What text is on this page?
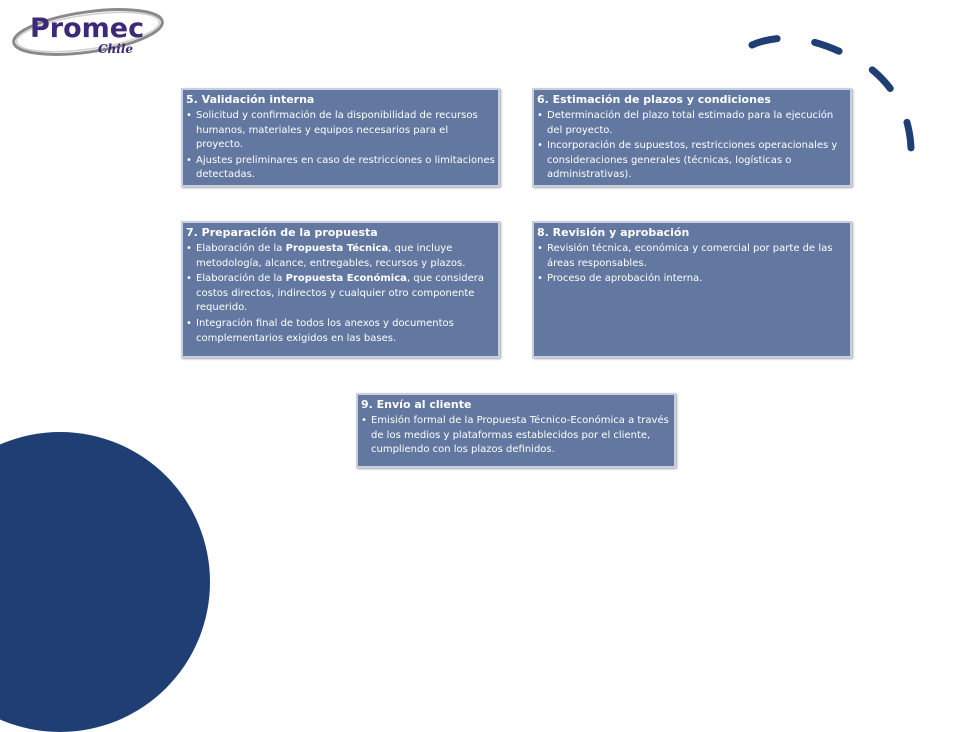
Promec
Chile
5. Validación interna
• Solicitud y confirmación de la disponibilidad de recursos humanos, materiales y equipos necesarios para el proyecto.
• Ajustes preliminares en caso de restricciones o limitaciones detectadas.
6. Estimación de plazos y condiciones
• Determinación del plazo total estimado para la ejecución del proyecto.
• Incorporación de supuestos, restricciones operacionales y consideraciones generales (técnicas, logísticas o administrativas).
7. Preparación de la propuesta
• Elaboración de la Propuesta Técnica, que incluye metodología, alcance, entregables, recursos y plazos.
• Elaboración de la Propuesta Económica, que considera costos directos, indirectos y cualquier otro componente requerido.
• Integración final de todos los anexos y documentos complementarios exigidos en las bases.
8. Revisión y aprobación
• Revisión técnica, económica y comercial por parte de las áreas responsables.
• Proceso de aprobación interna.
9. Envío al cliente
• Emisión formal de la Propuesta Técnico-Económica a través de los medios y plataformas establecidos por el cliente, cumpliendo con los plazos definidos.
